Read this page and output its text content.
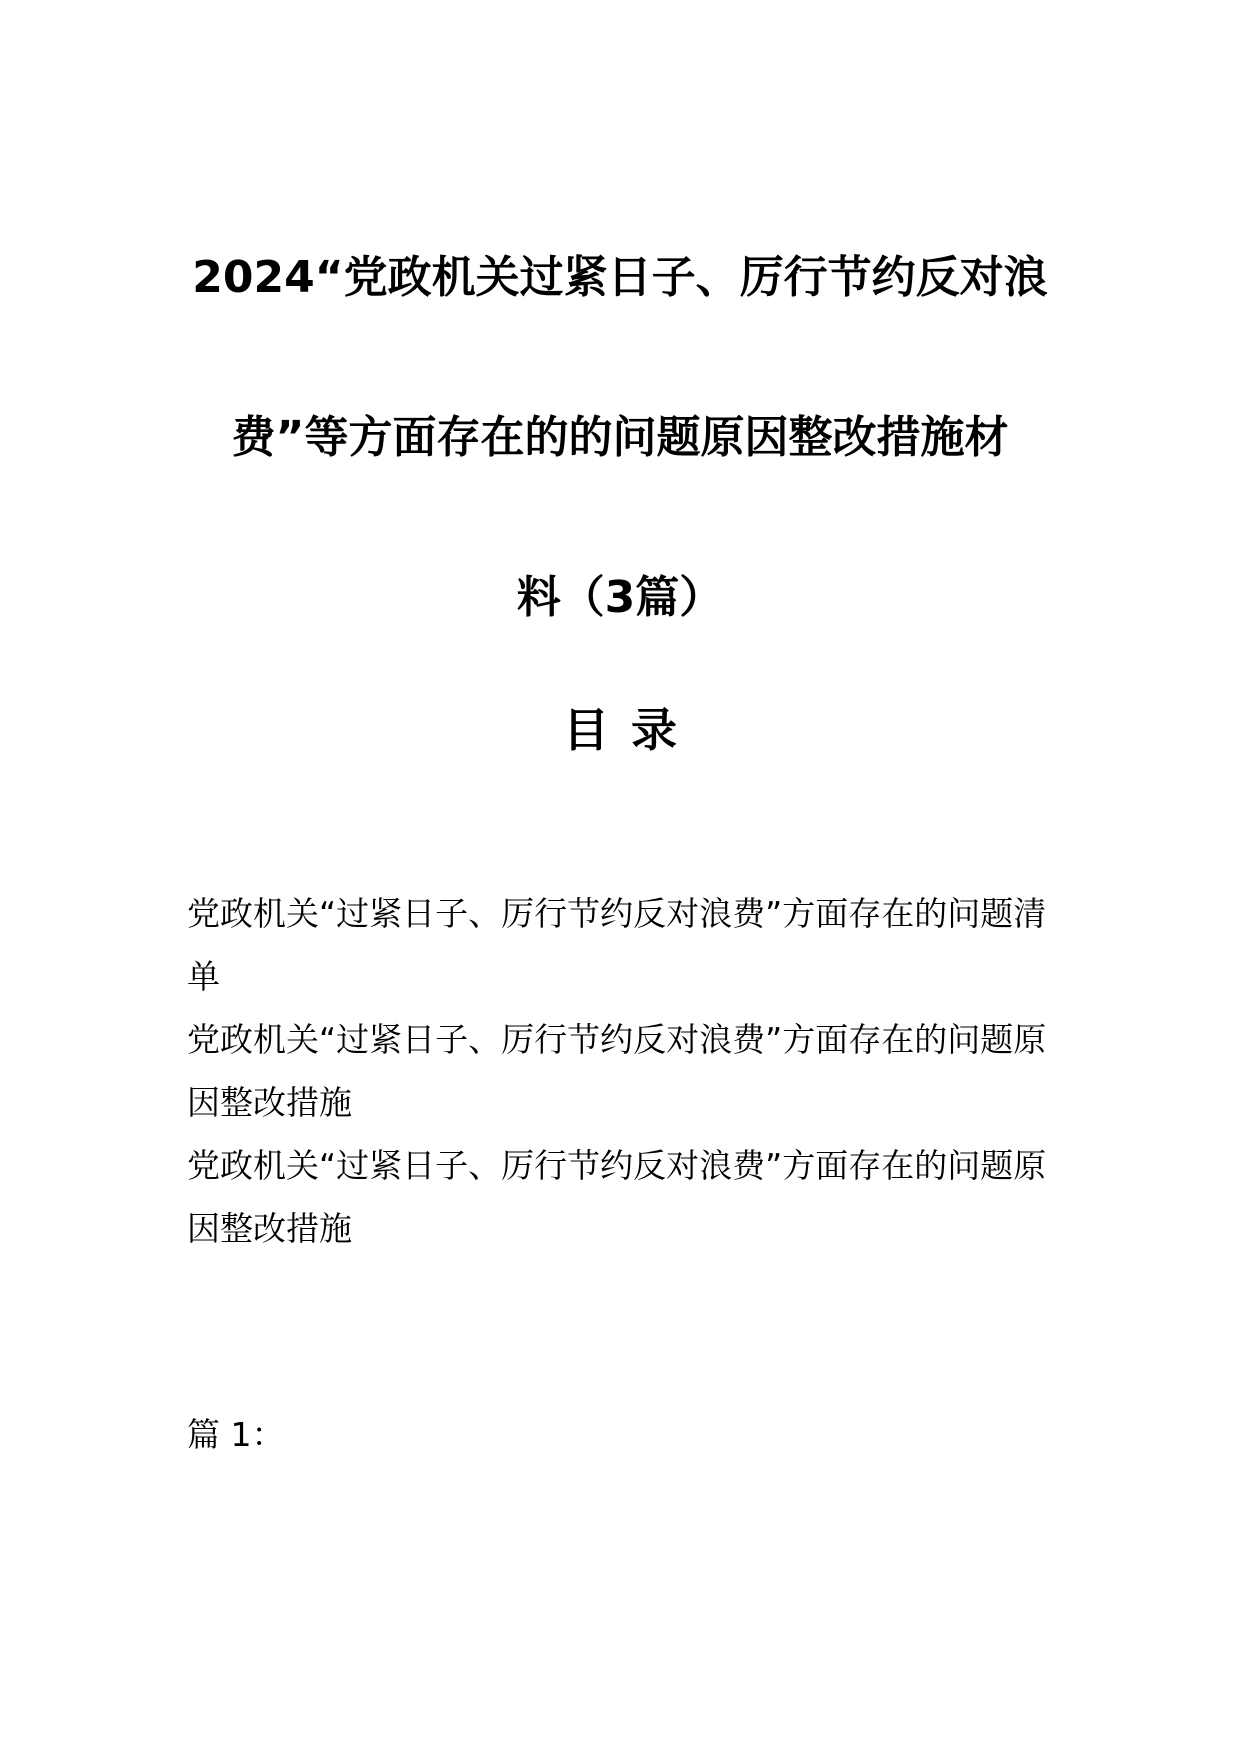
2024“党政机关过紧日子、厉行节约反对浪
费”等方面存在的的问题原因整改措施材
料（3篇）
目 录
党政机关“过紧日子、厉行节约反对浪费”方面存在的问题清单
党政机关“过紧日子、厉行节约反对浪费”方面存在的问题原因整改措施
党政机关“过紧日子、厉行节约反对浪费”方面存在的问题原因整改措施

篇 1：
